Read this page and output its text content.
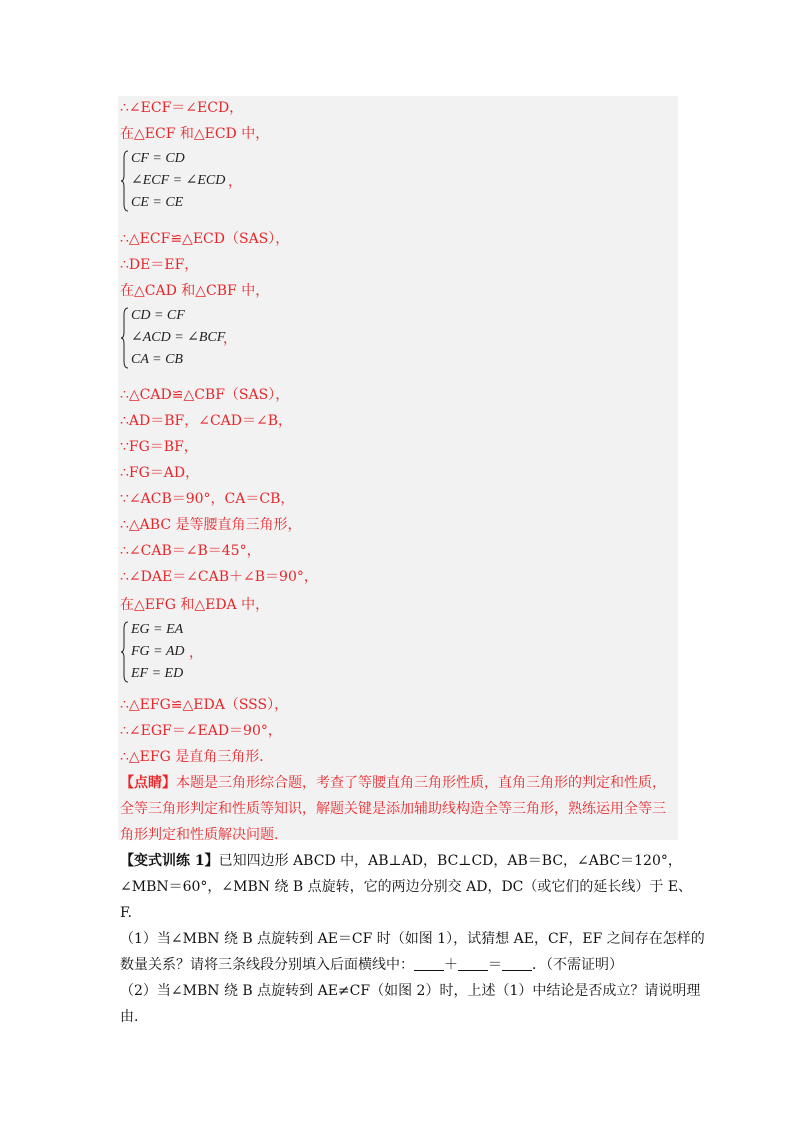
∴∠ECF＝∠ECD，
在△ECF 和△ECD 中，
CF = CD
∠ECF = ∠ECD
CE = CE
，
∴△ECF≌△ECD（SAS），
∴DE＝EF，
在△CAD 和△CBF 中，
CD = CF
∠ACD = ∠BCF
CA = CB
，
∴△CAD≌△CBF（SAS），
∴AD＝BF，∠CAD＝∠B，
∵FG＝BF，
∴FG＝AD，
∵∠ACB＝90°，CA＝CB，
∴△ABC 是等腰直角三角形，
∴∠CAB＝∠B＝45°，
∴∠DAE＝∠CAB＋∠B＝90°，
在△EFG 和△EDA 中，
EG = EA
FG = AD
EF = ED
，
∴△EFG≌△EDA（SSS），
∴∠EGF＝∠EAD＝90°，
∴△EFG 是直角三角形．
【点睛】本题是三角形综合题，考查了等腰直角三角形性质，直角三角形的判定和性质，
全等三角形判定和性质等知识，解题关键是添加辅助线构造全等三角形，熟练运用全等三
角形判定和性质解决问题.
【变式训练 1】已知四边形 ABCD 中，AB⊥AD，BC⊥CD，AB＝BC，∠ABC＝120°，
∠MBN＝60°，∠MBN 绕 B 点旋转，它的两边分别交 AD，DC（或它们的延长线）于 E、
F.
（1）当∠MBN 绕 B 点旋转到 AE＝CF 时（如图 1），试猜想 AE，CF，EF 之间存在怎样的
数量关系？请将三条线段分别填入后面横线中： ＋ ＝ ．（不需证明）
（2）当∠MBN 绕 B 点旋转到 AE≠CF（如图 2）时，上述（1）中结论是否成立？请说明理
由.
